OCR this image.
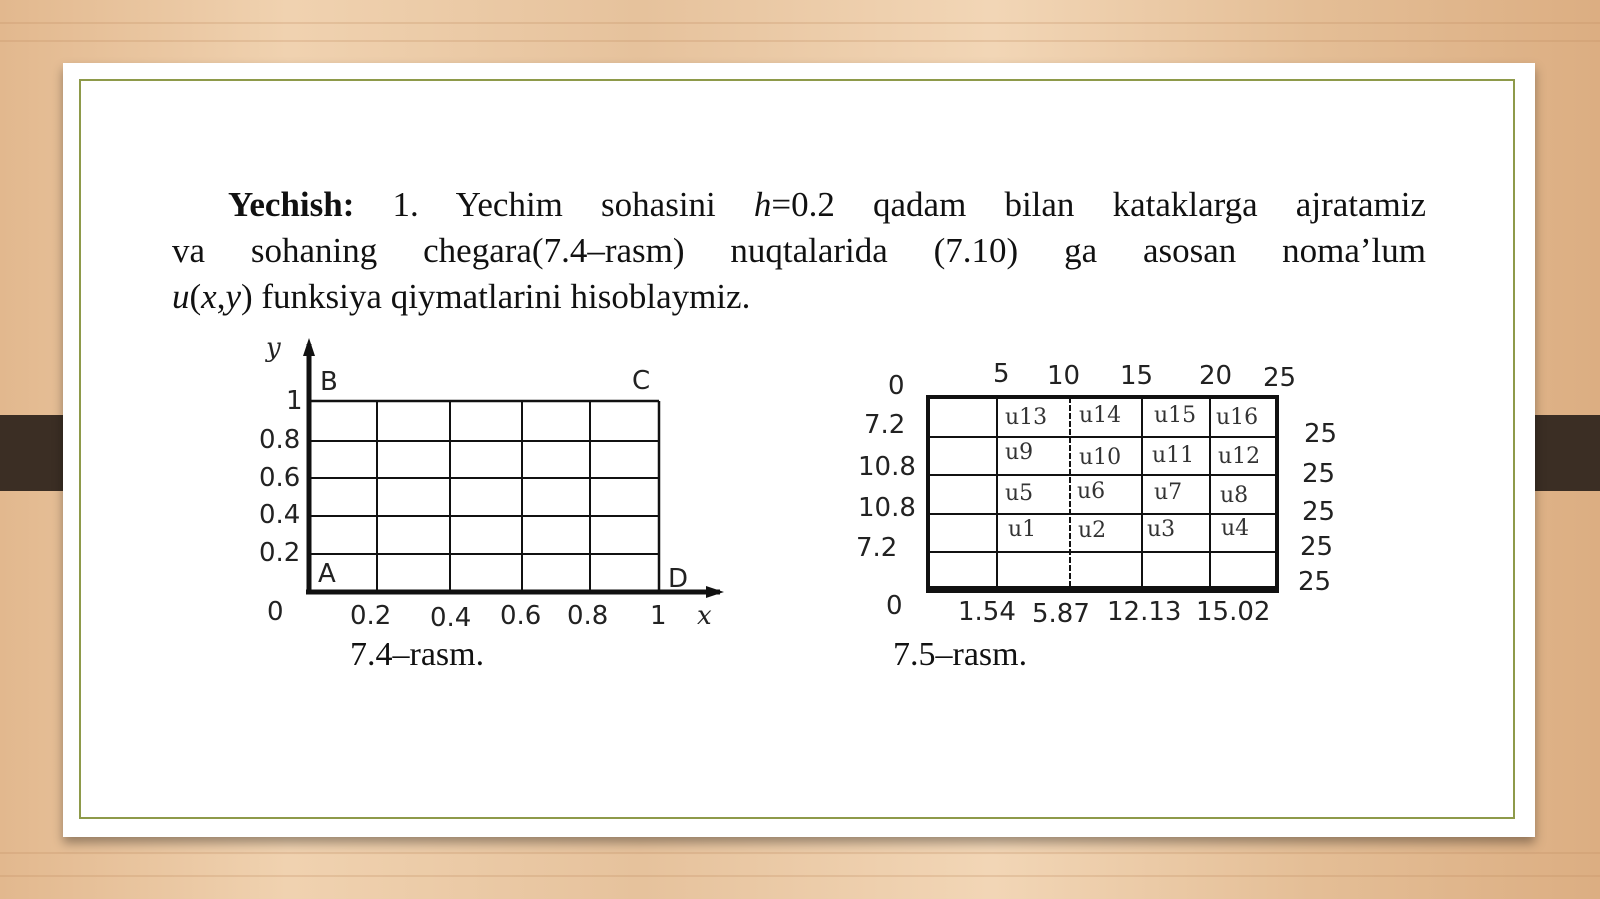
Yechish: 1. Yechim sohasini h=0.2 qadam bilan kataklarga ajratamiz
va sohaning chegara(7.4–rasm) nuqtalarida (7.10) ga asosan noma’lum
u(x,y) funksiya qiymatlarini hisoblaymiz.
y
x
0
1
0.8
0.6
0.4
0.2
0.2 0.4 0.6 0.8 1
B	C
A	D
7.4–rasm.
0	5 10 15 20 25
7.2
10.8
10.8
7.2
0 1.54 5.87 12.13 15.02
25
25
25
25
25
u13 u14 u15 u16
u9 u10 u11 u12
u5 u6 u7 u8
u1 u2 u3 u4
7.5–rasm.
